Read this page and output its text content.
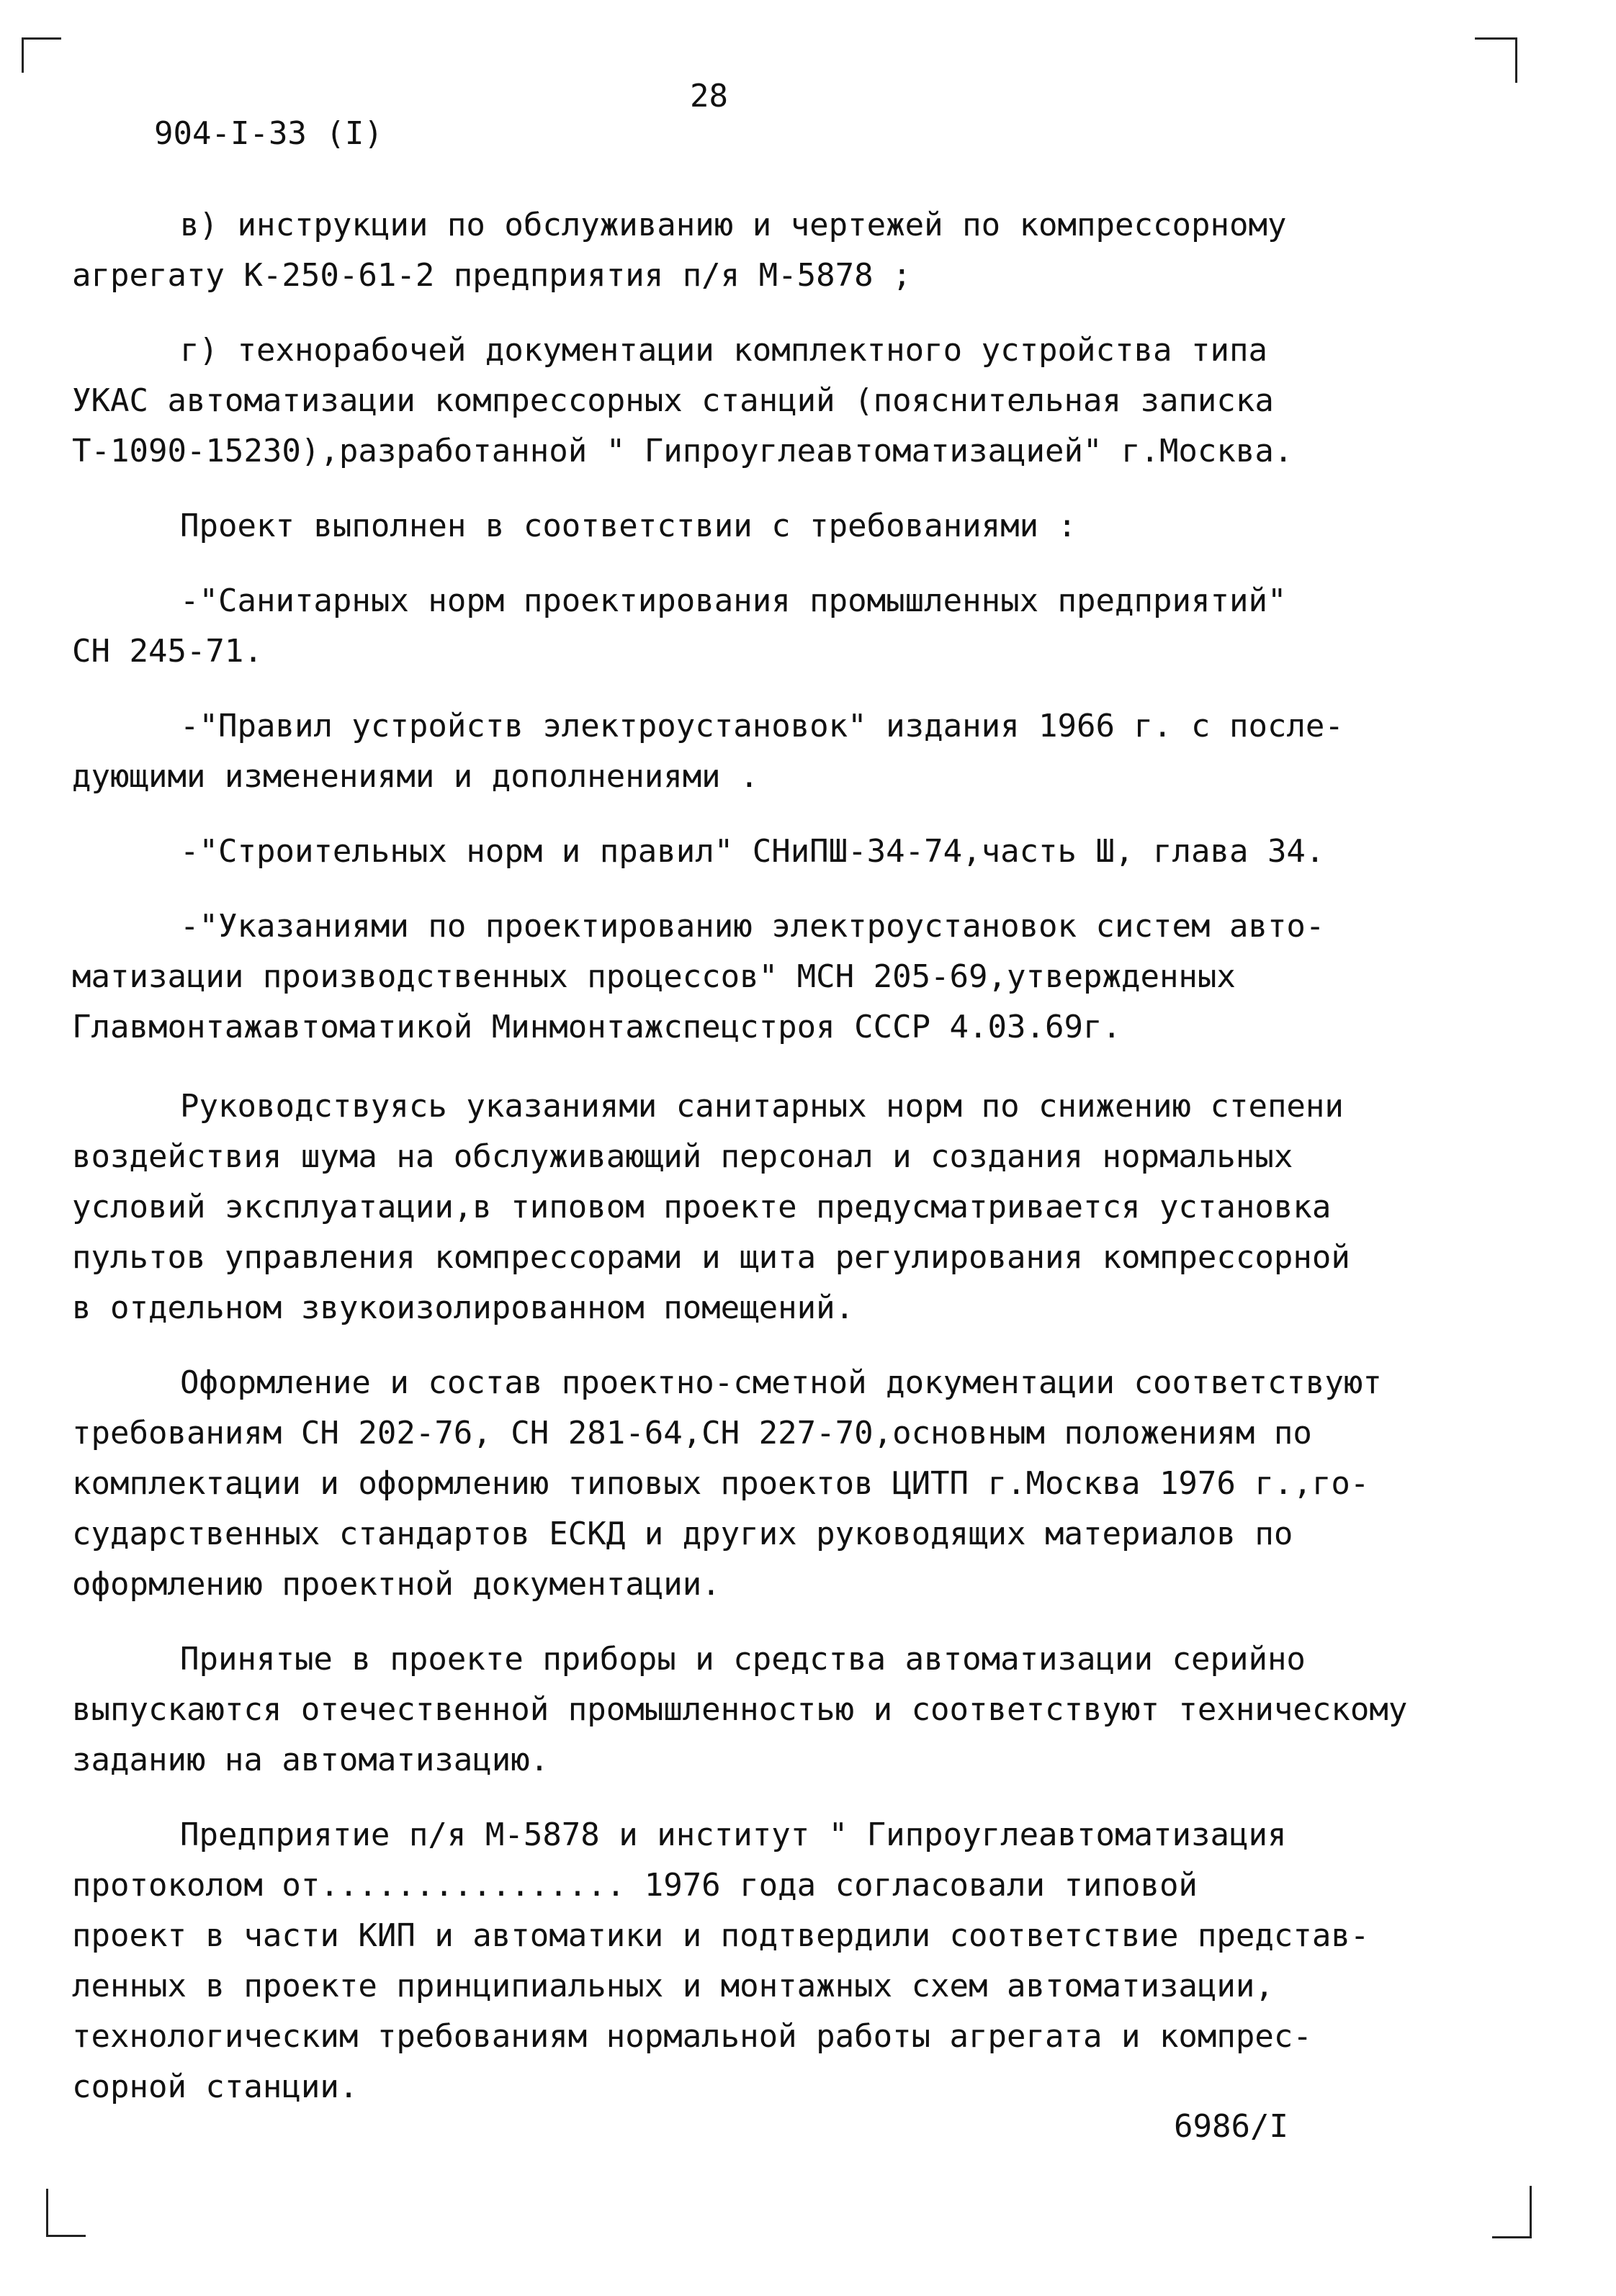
28
904-I-33 (I)

в) инструкции по обслуживанию и чертежей по компрессорному
агрегату К-250-61-2 предприятия п/я М-5878 ;

г) технорабочей документации комплектного устройства типа
УКАС автоматизации компрессорных станций (пояснительная записка
Т-1090-15230),разработанной " Гипроуглеавтоматизацией" г.Москва.

Проект выполнен в соответствии с требованиями :

-"Санитарных норм проектирования промышленных предприятий"
СН 245-71.

-"Правил устройств электроустановок" издания 1966 г. с после-
дующими изменениями и дополнениями .

-"Строительных норм и правил" СНиПШ-34-74,часть Ш, глава 34.

-"Указаниями по проектированию электроустановок систем авто-
матизации производственных процессов" МСН 205-69,утвержденных
Главмонтажавтоматикой Минмонтажспецстроя СССР 4.03.69г.

Руководствуясь указаниями санитарных норм по снижению степени
воздействия шума на обслуживающий персонал и создания нормальных
условий эксплуатации,в типовом проекте предусматривается установка
пультов управления компрессорами и щита регулирования компрессорной
в отдельном звукоизолированном помещений.

Оформление и состав проектно-сметной документации соответствуют
требованиям СН 202-76, СН 281-64,СН 227-70,основным положениям по
комплектации и оформлению типовых проектов ЦИТП г.Москва 1976 г.,го-
сударственных стандартов ЕСКД и других руководящих материалов по
оформлению проектной документации.

Принятые в проекте приборы и средства автоматизации серийно
выпускаются отечественной промышленностью и соответствуют техническому
заданию на автоматизацию.

Предприятие п/я М-5878 и институт " Гипроуглеавтоматизация
протоколом от................ 1976 года согласовали типовой
проект в части КИП и автоматики и подтвердили соответствие представ-
ленных в проекте принципиальных и монтажных схем автоматизации,
технологическим требованиям нормальной работы агрегата и компрес-
сорной станции.

6986/I
